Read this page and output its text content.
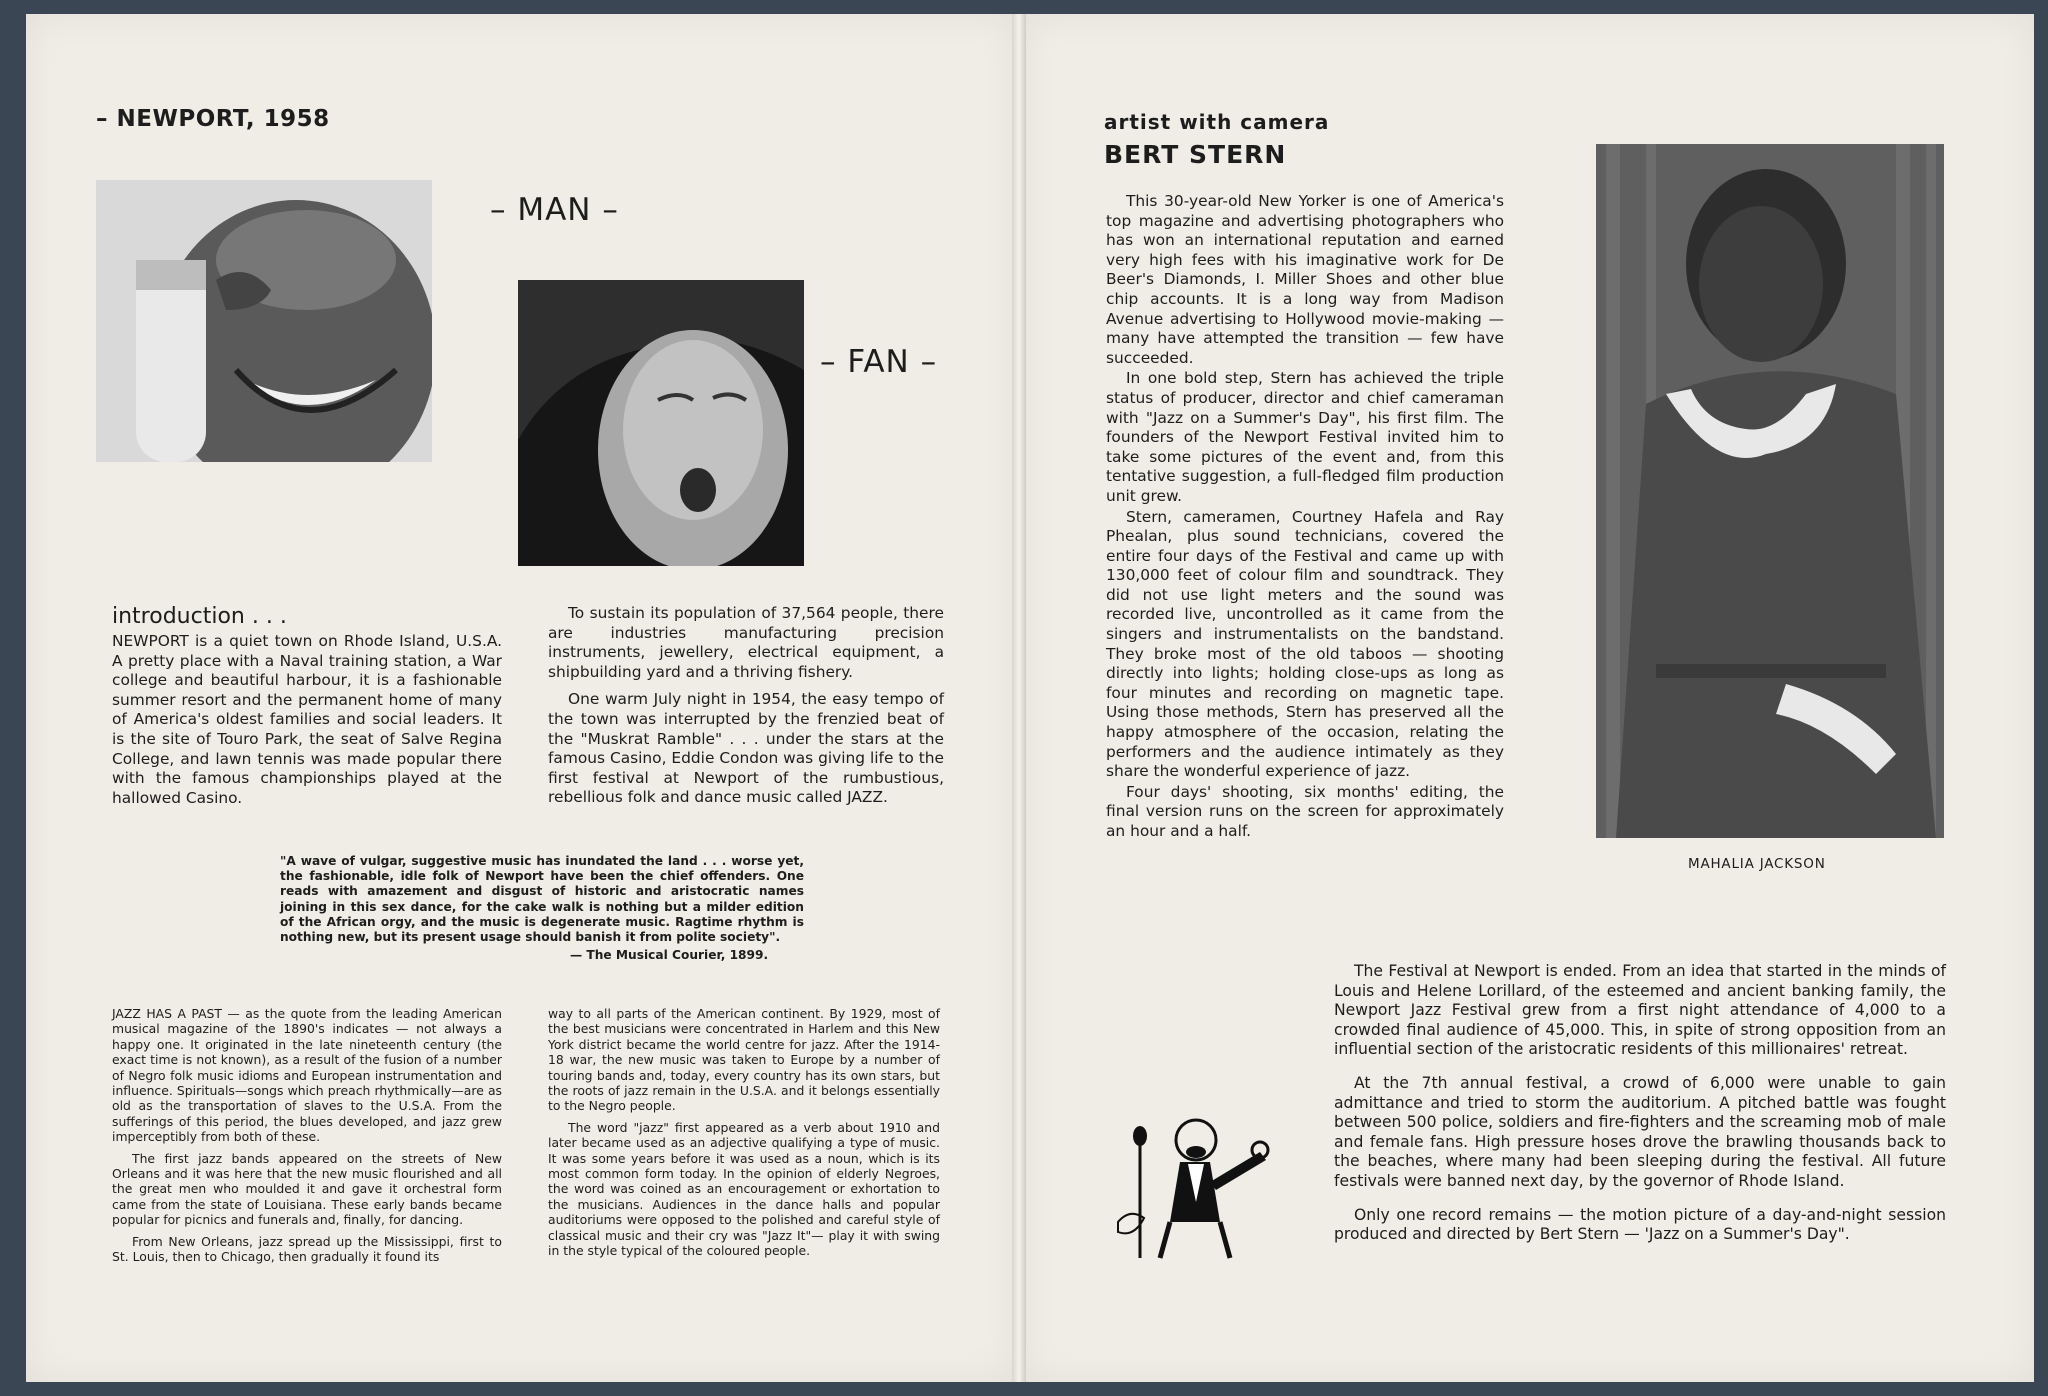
– NEWPORT, 1958
– MAN –
– FAN –
introduction . . .

NEWPORT is a quiet town on Rhode Island, U.S.A. A pretty place with a Naval training station, a War college and beautiful harbour, it is a fashionable summer resort and the permanent home of many of America's oldest families and social leaders. It is the site of Touro Park, the seat of Salve Regina College, and lawn tennis was made popular there with the famous championships played at the hallowed Casino.

To sustain its population of 37,564 people, there are industries manufacturing precision instruments, jewellery, electrical equipment, a shipbuilding yard and a thriving fishery.

One warm July night in 1954, the easy tempo of the town was interrupted by the frenzied beat of the "Muskrat Ramble" . . . under the stars at the famous Casino, Eddie Condon was giving life to the first festival at Newport of the rumbustious, rebellious folk and dance music called JAZZ.

"A wave of vulgar, suggestive music has inundated the land . . . worse yet, the fashionable, idle folk of Newport have been the chief offenders. One reads with amazement and disgust of historic and aristocratic names joining in this sex dance, for the cake walk is nothing but a milder edition of the African orgy, and the music is degenerate music. Ragtime rhythm is nothing new, but its present usage should banish it from polite society".
— The Musical Courier, 1899.

JAZZ HAS A PAST — as the quote from the leading American musical magazine of the 1890's indicates — not always a happy one. It originated in the late nineteenth century (the exact time is not known), as a result of the fusion of a number of Negro folk music idioms and European instrumentation and influence. Spirituals—songs which preach rhythmically—are as old as the transportation of slaves to the U.S.A. From the sufferings of this period, the blues developed, and jazz grew imperceptibly from both of these.

The first jazz bands appeared on the streets of New Orleans and it was here that the new music flourished and all the great men who moulded it and gave it orchestral form came from the state of Louisiana. These early bands became popular for picnics and funerals and, finally, for dancing.

From New Orleans, jazz spread up the Mississippi, first to St. Louis, then to Chicago, then gradually it found its

way to all parts of the American continent. By 1929, most of the best musicians were concentrated in Harlem and this New York district became the world centre for jazz. After the 1914-18 war, the new music was taken to Europe by a number of touring bands and, today, every country has its own stars, but the roots of jazz remain in the U.S.A. and it belongs essentially to the Negro people.

The word "jazz" first appeared as a verb about 1910 and later became used as an adjective qualifying a type of music. It was some years before it was used as a noun, which is its most common form today. In the opinion of elderly Negroes, the word was coined as an encouragement or exhortation to the musicians. Audiences in the dance halls and popular auditoriums were opposed to the polished and careful style of classical music and their cry was "Jazz It"— play it with swing in the style typical of the coloured people.

artist with camera
BERT STERN

This 30-year-old New Yorker is one of America's top magazine and advertising photographers who has won an international reputation and earned very high fees with his imaginative work for De Beer's Diamonds, I. Miller Shoes and other blue chip accounts. It is a long way from Madison Avenue advertising to Hollywood movie-making — many have attempted the transition — few have succeeded.

In one bold step, Stern has achieved the triple status of producer, director and chief cameraman with "Jazz on a Summer's Day", his first film. The founders of the Newport Festival invited him to take some pictures of the event and, from this tentative suggestion, a full-fledged film production unit grew.

Stern, cameramen, Courtney Hafela and Ray Phealan, plus sound technicians, covered the entire four days of the Festival and came up with 130,000 feet of colour film and soundtrack. They did not use light meters and the sound was recorded live, uncontrolled as it came from the singers and instrumentalists on the bandstand. They broke most of the old taboos — shooting directly into lights; holding close-ups as long as four minutes and recording on magnetic tape. Using those methods, Stern has preserved all the happy atmosphere of the occasion, relating the performers and the audience intimately as they share the wonderful experience of jazz.

Four days' shooting, six months' editing, the final version runs on the screen for approximately an hour and a half.

MAHALIA JACKSON

The Festival at Newport is ended. From an idea that started in the minds of Louis and Helene Lorillard, of the esteemed and ancient banking family, the Newport Jazz Festival grew from a first night attendance of 4,000 to a crowded final audience of 45,000. This, in spite of strong opposition from an influential section of the aristocratic residents of this millionaires' retreat.

At the 7th annual festival, a crowd of 6,000 were unable to gain admittance and tried to storm the auditorium. A pitched battle was fought between 500 police, soldiers and fire-fighters and the screaming mob of male and female fans. High pressure hoses drove the brawling thousands back to the beaches, where many had been sleeping during the festival. All future festivals were banned next day, by the governor of Rhode Island.

Only one record remains — the motion picture of a day-and-night session produced and directed by Bert Stern — 'Jazz on a Summer's Day".
